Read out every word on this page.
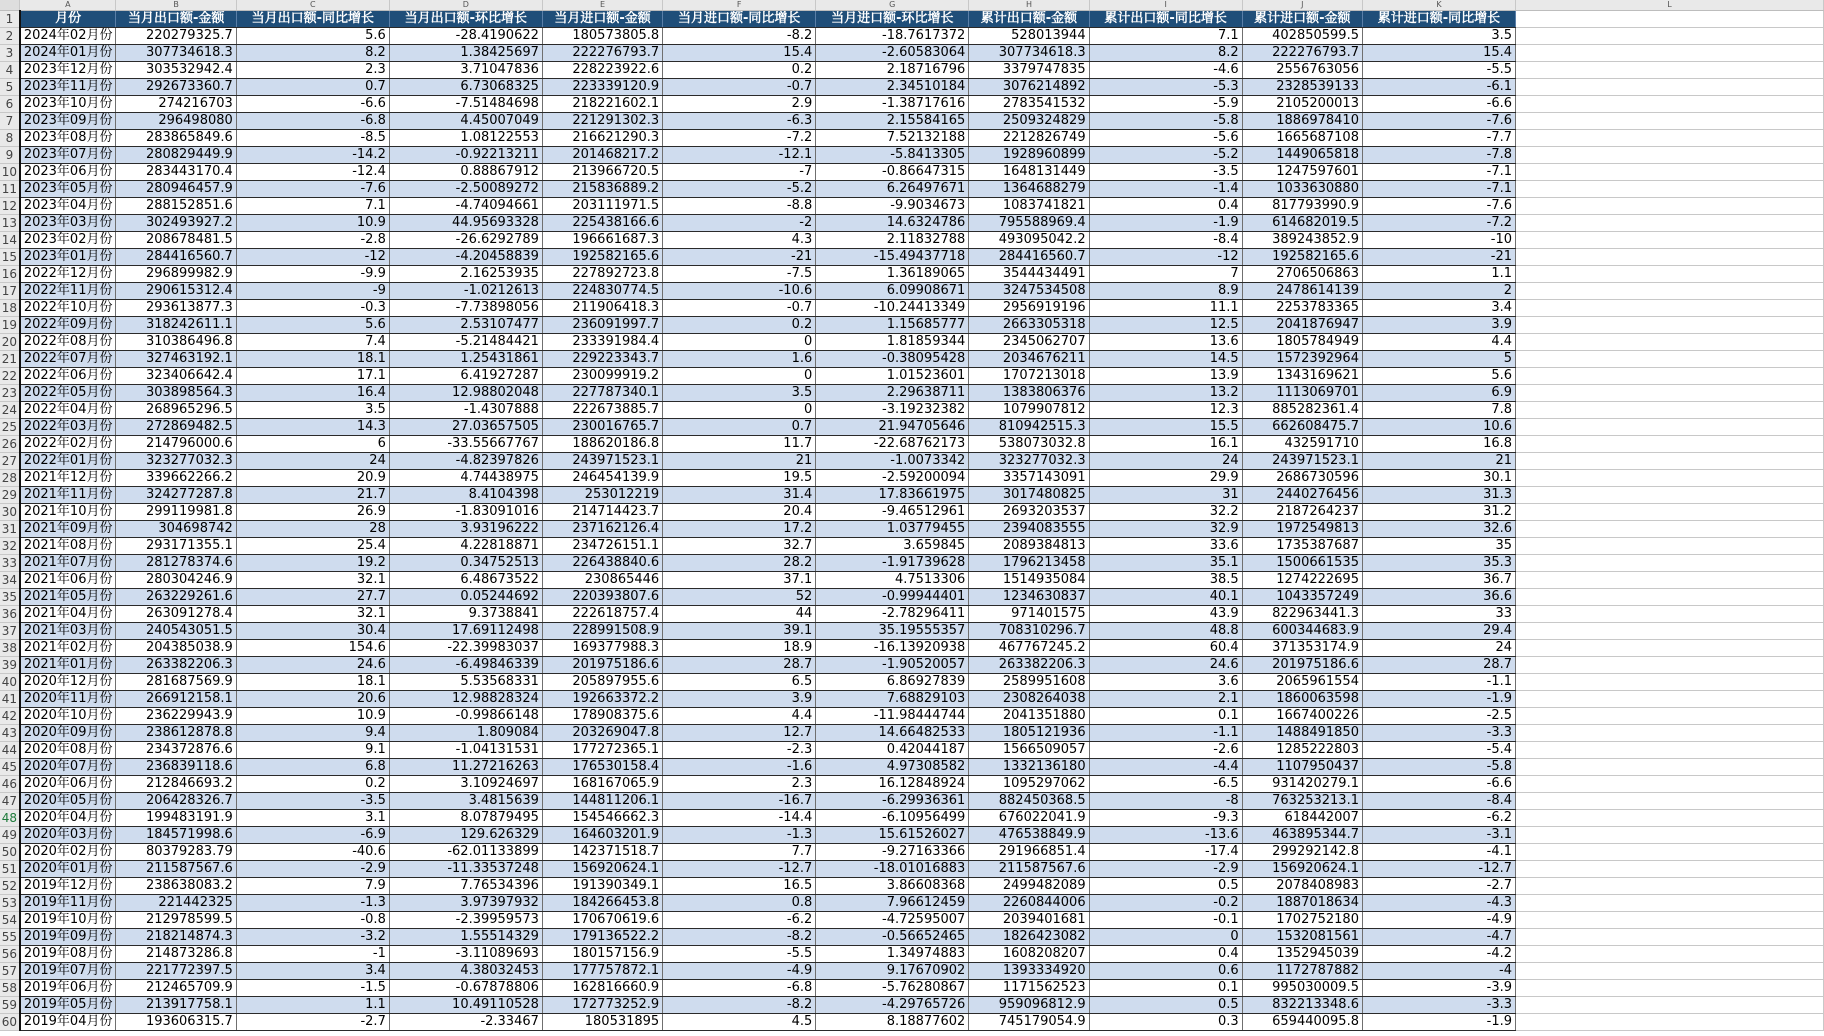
	A	B	C	D	E	F	G	H	I	J	K	L
1	月份	当月出口额-金额	当月出口额-同比增长	当月出口额-环比增长	当月进口额-金额	当月进口额-同比增长	当月进口额-环比增长	累计出口额-金额	累计出口额-同比增长	累计进口额-金额	累计进口额-同比增长	
2	2024年02月份	220279325.7	5.6	-28.4190622	180573805.8	-8.2	-18.7617372	528013944	7.1	402850599.5	3.5	
3	2024年01月份	307734618.3	8.2	1.38425697	222276793.7	15.4	-2.60583064	307734618.3	8.2	222276793.7	15.4	
4	2023年12月份	303532942.4	2.3	3.71047836	228223922.6	0.2	2.18716796	3379747835	-4.6	2556763056	-5.5	
5	2023年11月份	292673360.7	0.7	6.73068325	223339120.9	-0.7	2.34510184	3076214892	-5.3	2328539133	-6.1	
6	2023年10月份	274216703	-6.6	-7.51484698	218221602.1	2.9	-1.38717616	2783541532	-5.9	2105200013	-6.6	
7	2023年09月份	296498080	-6.8	4.45007049	221291302.3	-6.3	2.15584165	2509324829	-5.8	1886978410	-7.6	
8	2023年08月份	283865849.6	-8.5	1.08122553	216621290.3	-7.2	7.52132188	2212826749	-5.6	1665687108	-7.7	
9	2023年07月份	280829449.9	-14.2	-0.92213211	201468217.2	-12.1	-5.8413305	1928960899	-5.2	1449065818	-7.8	
10	2023年06月份	283443170.4	-12.4	0.88867912	213966720.5	-7	-0.86647315	1648131449	-3.5	1247597601	-7.1	
11	2023年05月份	280946457.9	-7.6	-2.50089272	215836889.2	-5.2	6.26497671	1364688279	-1.4	1033630880	-7.1	
12	2023年04月份	288152851.6	7.1	-4.74094661	203111971.5	-8.8	-9.9034673	1083741821	0.4	817793990.9	-7.6	
13	2023年03月份	302493927.2	10.9	44.95693328	225438166.6	-2	14.6324786	795588969.4	-1.9	614682019.5	-7.2	
14	2023年02月份	208678481.5	-2.8	-26.6292789	196661687.3	4.3	2.11832788	493095042.2	-8.4	389243852.9	-10	
15	2023年01月份	284416560.7	-12	-4.20458839	192582165.6	-21	-15.49437718	284416560.7	-12	192582165.6	-21	
16	2022年12月份	296899982.9	-9.9	2.16253935	227892723.8	-7.5	1.36189065	3544434491	7	2706506863	1.1	
17	2022年11月份	290615312.4	-9	-1.0212613	224830774.5	-10.6	6.09908671	3247534508	8.9	2478614139	2	
18	2022年10月份	293613877.3	-0.3	-7.73898056	211906418.3	-0.7	-10.24413349	2956919196	11.1	2253783365	3.4	
19	2022年09月份	318242611.1	5.6	2.53107477	236091997.7	0.2	1.15685777	2663305318	12.5	2041876947	3.9	
20	2022年08月份	310386496.8	7.4	-5.21484421	233391984.4	0	1.81859344	2345062707	13.6	1805784949	4.4	
21	2022年07月份	327463192.1	18.1	1.25431861	229223343.7	1.6	-0.38095428	2034676211	14.5	1572392964	5	
22	2022年06月份	323406642.4	17.1	6.41927287	230099919.2	0	1.01523601	1707213018	13.9	1343169621	5.6	
23	2022年05月份	303898564.3	16.4	12.98802048	227787340.1	3.5	2.29638711	1383806376	13.2	1113069701	6.9	
24	2022年04月份	268965296.5	3.5	-1.4307888	222673885.7	0	-3.19232382	1079907812	12.3	885282361.4	7.8	
25	2022年03月份	272869482.5	14.3	27.03657505	230016765.7	0.7	21.94705646	810942515.3	15.5	662608475.7	10.6	
26	2022年02月份	214796000.6	6	-33.55667767	188620186.8	11.7	-22.68762173	538073032.8	16.1	432591710	16.8	
27	2022年01月份	323277032.3	24	-4.82397826	243971523.1	21	-1.0073342	323277032.3	24	243971523.1	21	
28	2021年12月份	339662266.2	20.9	4.74438975	246454139.9	19.5	-2.59200094	3357143091	29.9	2686730596	30.1	
29	2021年11月份	324277287.8	21.7	8.4104398	253012219	31.4	17.83661975	3017480825	31	2440276456	31.3	
30	2021年10月份	299119981.8	26.9	-1.83091016	214714423.7	20.4	-9.46512961	2693203537	32.2	2187264237	31.2	
31	2021年09月份	304698742	28	3.93196222	237162126.4	17.2	1.03779455	2394083555	32.9	1972549813	32.6	
32	2021年08月份	293171355.1	25.4	4.22818871	234726151.1	32.7	3.659845	2089384813	33.6	1735387687	35	
33	2021年07月份	281278374.6	19.2	0.34752513	226438840.6	28.2	-1.91739628	1796213458	35.1	1500661535	35.3	
34	2021年06月份	280304246.9	32.1	6.48673522	230865446	37.1	4.7513306	1514935084	38.5	1274222695	36.7	
35	2021年05月份	263229261.6	27.7	0.05244692	220393807.6	52	-0.99944401	1234630837	40.1	1043357249	36.6	
36	2021年04月份	263091278.4	32.1	9.3738841	222618757.4	44	-2.78296411	971401575	43.9	822963441.3	33	
37	2021年03月份	240543051.5	30.4	17.69112498	228991508.9	39.1	35.19555357	708310296.7	48.8	600344683.9	29.4	
38	2021年02月份	204385038.9	154.6	-22.39983037	169377988.3	18.9	-16.13920938	467767245.2	60.4	371353174.9	24	
39	2021年01月份	263382206.3	24.6	-6.49846339	201975186.6	28.7	-1.90520057	263382206.3	24.6	201975186.6	28.7	
40	2020年12月份	281687569.9	18.1	5.53568331	205897955.6	6.5	6.86927839	2589951608	3.6	2065961554	-1.1	
41	2020年11月份	266912158.1	20.6	12.98828324	192663372.2	3.9	7.68829103	2308264038	2.1	1860063598	-1.9	
42	2020年10月份	236229943.9	10.9	-0.99866148	178908375.6	4.4	-11.98444744	2041351880	0.1	1667400226	-2.5	
43	2020年09月份	238612878.8	9.4	1.809084	203269047.8	12.7	14.66482533	1805121936	-1.1	1488491850	-3.3	
44	2020年08月份	234372876.6	9.1	-1.04131531	177272365.1	-2.3	0.42044187	1566509057	-2.6	1285222803	-5.4	
45	2020年07月份	236839118.6	6.8	11.27216263	176530158.4	-1.6	4.97308582	1332136180	-4.4	1107950437	-5.8	
46	2020年06月份	212846693.2	0.2	3.10924697	168167065.9	2.3	16.12848924	1095297062	-6.5	931420279.1	-6.6	
47	2020年05月份	206428326.7	-3.5	3.4815639	144811206.1	-16.7	-6.29936361	882450368.5	-8	763253213.1	-8.4	
48	2020年04月份	199483191.9	3.1	8.07879495	154546662.3	-14.4	-6.10956499	676022041.9	-9.3	618442007	-6.2	
49	2020年03月份	184571998.6	-6.9	129.626329	164603201.9	-1.3	15.61526027	476538849.9	-13.6	463895344.7	-3.1	
50	2020年02月份	80379283.79	-40.6	-62.01133899	142371518.7	7.7	-9.27163366	291966851.4	-17.4	299292142.8	-4.1	
51	2020年01月份	211587567.6	-2.9	-11.33537248	156920624.1	-12.7	-18.01016883	211587567.6	-2.9	156920624.1	-12.7	
52	2019年12月份	238638083.2	7.9	7.76534396	191390349.1	16.5	3.86608368	2499482089	0.5	2078408983	-2.7	
53	2019年11月份	221442325	-1.3	3.97397932	184266453.8	0.8	7.96612459	2260844006	-0.2	1887018634	-4.3	
54	2019年10月份	212978599.5	-0.8	-2.39959573	170670619.6	-6.2	-4.72595007	2039401681	-0.1	1702752180	-4.9	
55	2019年09月份	218214874.3	-3.2	1.55514329	179136522.2	-8.2	-0.56652465	1826423082	0	1532081561	-4.7	
56	2019年08月份	214873286.8	-1	-3.11089693	180157156.9	-5.5	1.34974883	1608208207	0.4	1352945039	-4.2	
57	2019年07月份	221772397.5	3.4	4.38032453	177757872.1	-4.9	9.17670902	1393334920	0.6	1172787882	-4	
58	2019年06月份	212465709.9	-1.5	-0.67878806	162816660.9	-6.8	-5.76280867	1171562523	0.1	995030009.5	-3.9	
59	2019年05月份	213917758.1	1.1	10.49110528	172773252.9	-8.2	-4.29765726	959096812.9	0.5	832213348.6	-3.3	
60	2019年04月份	193606315.7	-2.7	-2.33467	180531895	4.5	8.18877602	745179054.9	0.3	659440095.8	-1.9	
